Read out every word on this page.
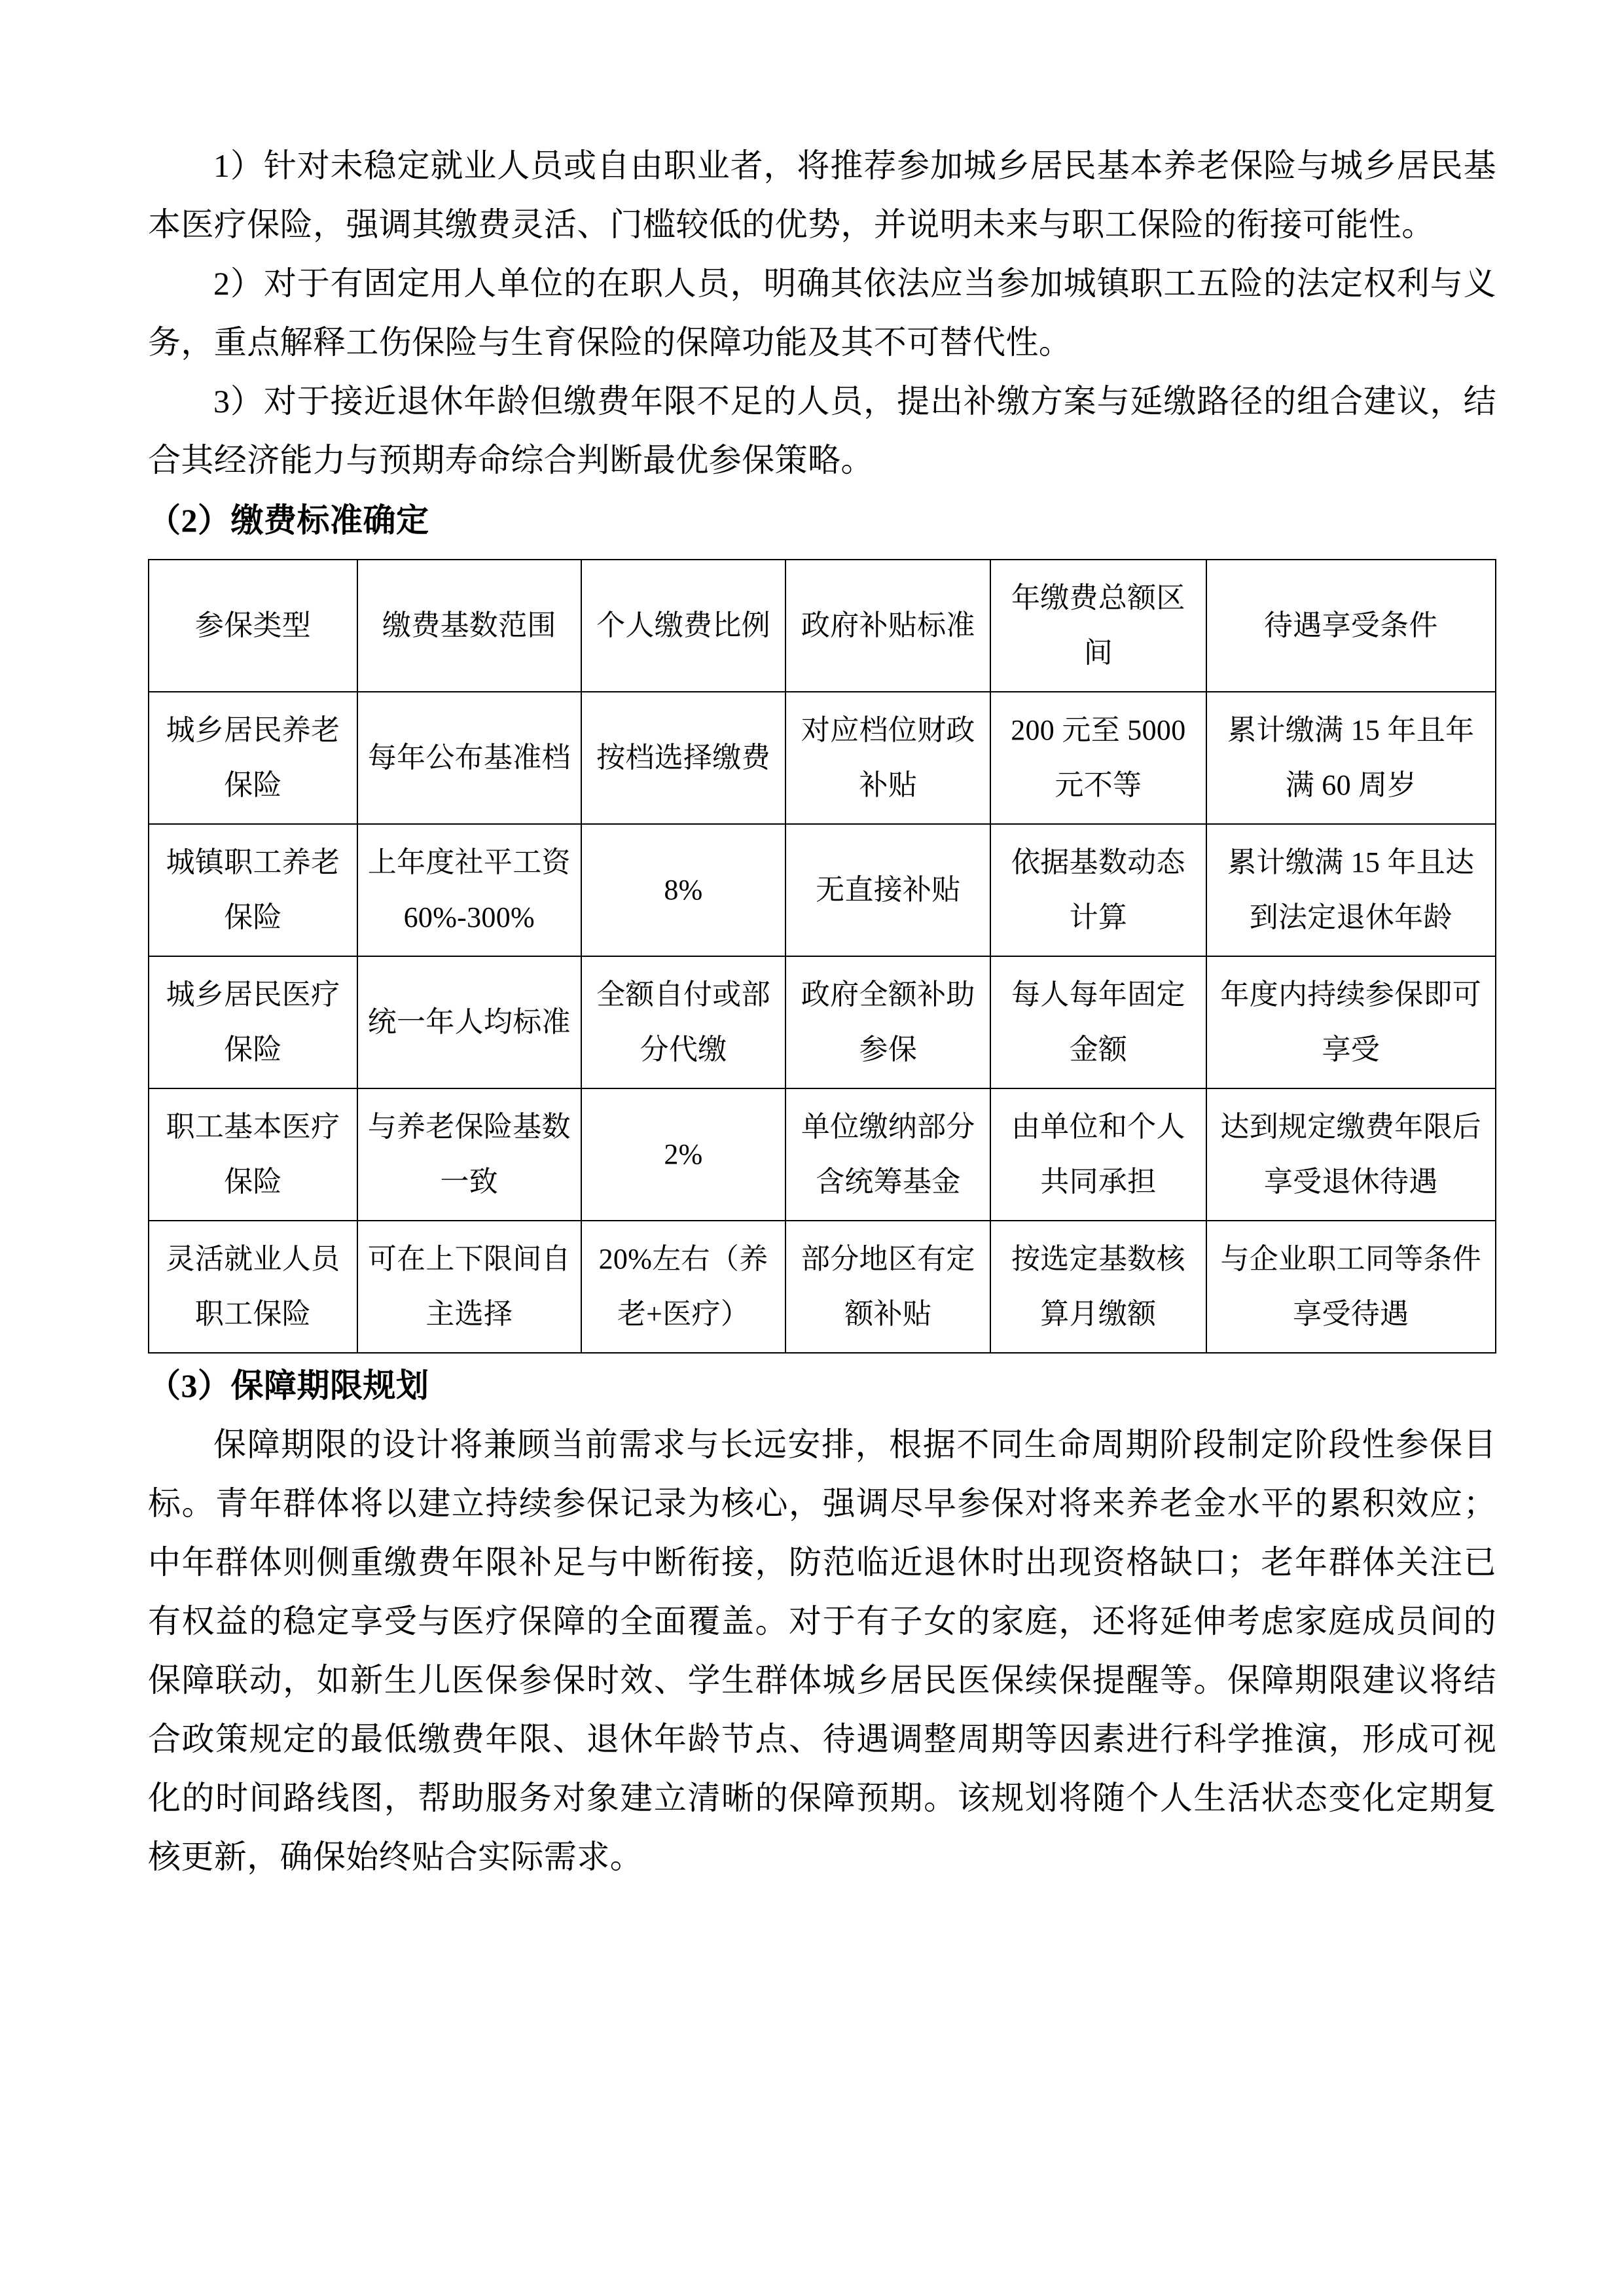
1）针对未稳定就业人员或自由职业者，将推荐参加城乡居民基本养老保险与城乡居民基本医疗保险，强调其缴费灵活、门槛较低的优势，并说明未来与职工保险的衔接可能性。

2）对于有固定用人单位的在职人员，明确其依法应当参加城镇职工五险的法定权利与义务，重点解释工伤保险与生育保险的保障功能及其不可替代性。

3）对于接近退休年龄但缴费年限不足的人员，提出补缴方案与延缴路径的组合建议，结合其经济能力与预期寿命综合判断最优参保策略。

（2）缴费标准确定
参保类型	缴费基数范围	个人缴费比例	政府补贴标准	年缴费总额区间	待遇享受条件
城乡居民养老保险	每年公布基准档	按档选择缴费	对应档位财政补贴	200 元至 5000 元不等	累计缴满 15 年且年满 60 周岁
城镇职工养老保险	上年度社平工资 60%-300%	8%	无直接补贴	依据基数动态计算	累计缴满 15 年且达到法定退休年龄
城乡居民医疗保险	统一年人均标准	全额自付或部分代缴	政府全额补助参保	每人每年固定金额	年度内持续参保即可享受
职工基本医疗保险	与养老保险基数一致	2%	单位缴纳部分含统筹基金	由单位和个人共同承担	达到规定缴费年限后享受退休待遇
灵活就业人员职工保险	可在上下限间自主选择	20%左右（养老+医疗）	部分地区有定额补贴	按选定基数核算月缴额	与企业职工同等条件享受待遇
（3）保障期限规划

保障期限的设计将兼顾当前需求与长远安排，根据不同生命周期阶段制定阶段性参保目标。青年群体将以建立持续参保记录为核心，强调尽早参保对将来养老金水平的累积效应；中年群体则侧重缴费年限补足与中断衔接，防范临近退休时出现资格缺口；老年群体关注已有权益的稳定享受与医疗保障的全面覆盖。对于有子女的家庭，还将延伸考虑家庭成员间的保障联动，如新生儿医保参保时效、学生群体城乡居民医保续保提醒等。保障期限建议将结合政策规定的最低缴费年限、退休年龄节点、待遇调整周期等因素进行科学推演，形成可视化的时间路线图，帮助服务对象建立清晰的保障预期。该规划将随个人生活状态变化定期复核更新，确保始终贴合实际需求。
